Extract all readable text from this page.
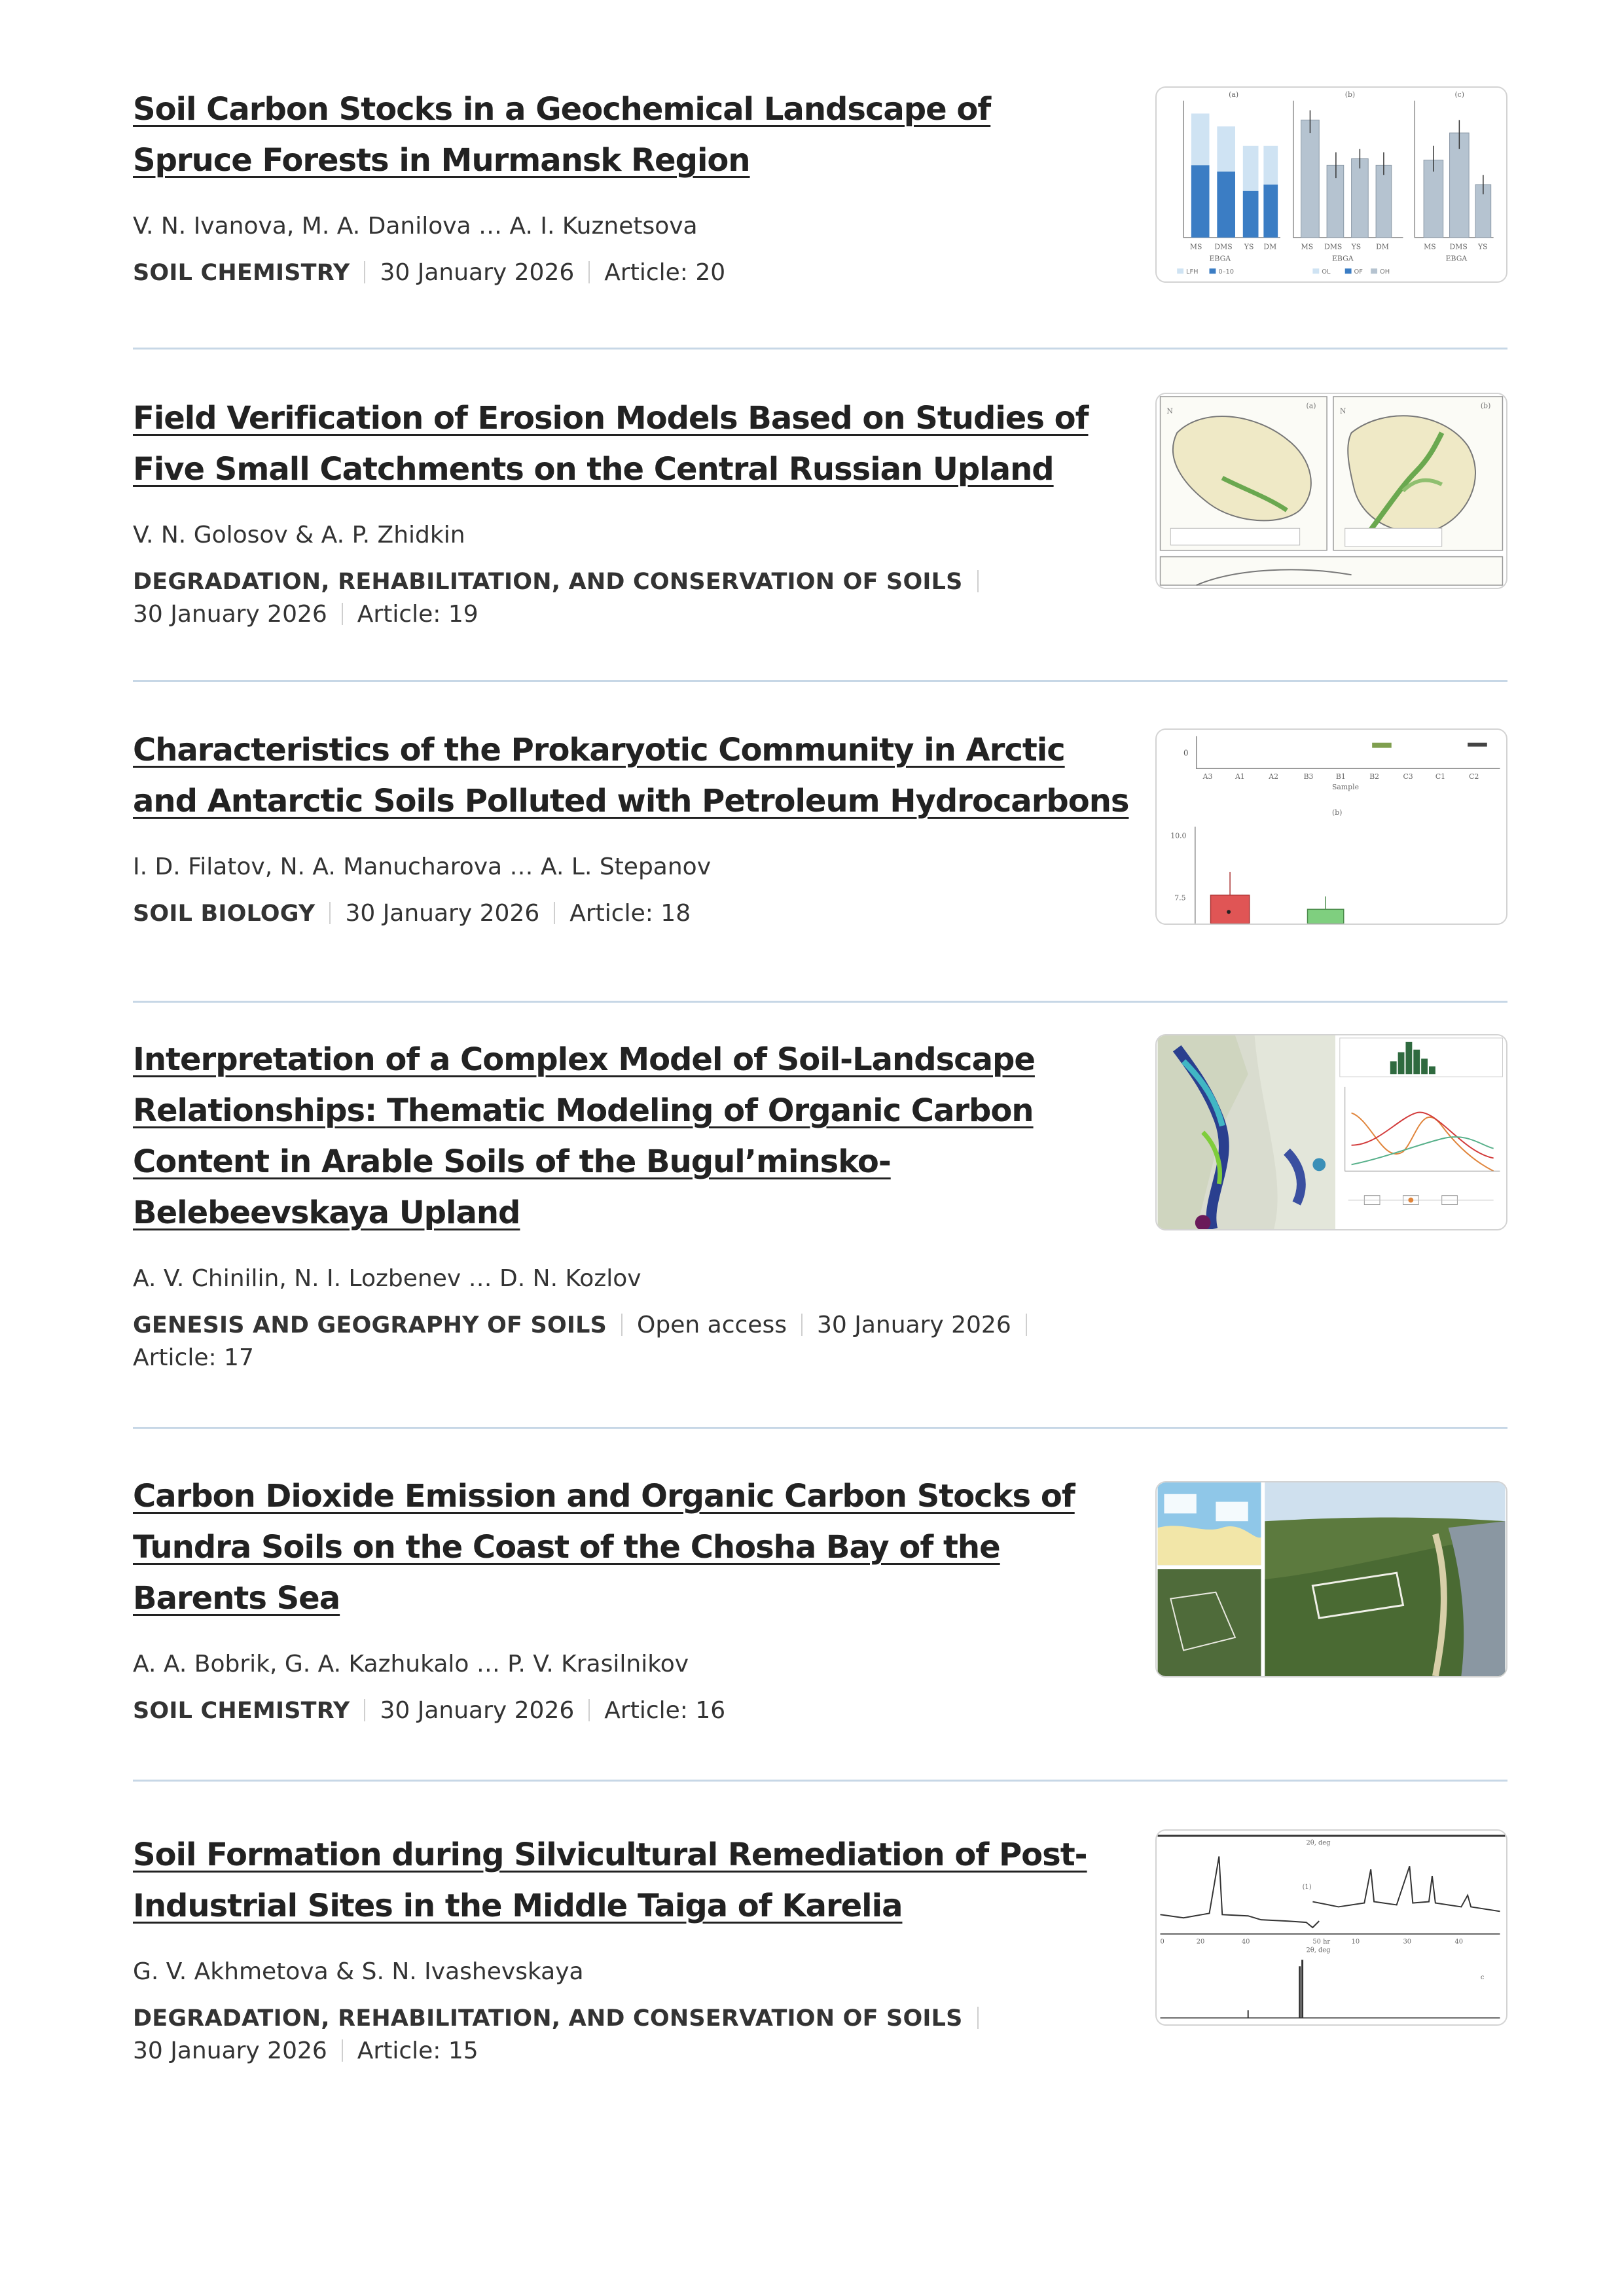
Soil Carbon Stocks in a Geochemical Landscape of Spruce Forests in Murmansk Region
V. N. Ivanova, M. A. Danilova … A. I. Kuznetsova
SOIL CHEMISTRY 30 January 2026 Article: 20
MS DMS YS DM	MS DMS YS DM	MS DMS YS
EBGA	EBGA	EBGA
(a)	(b)	(c)
LFH	0–10	OL	OF	OH
Field Verification of Erosion Models Based on Studies of Five Small Catchments on the Central Russian Upland
V. N. Golosov & A. P. Zhidkin
DEGRADATION, REHABILITATION, AND CONSERVATION OF SOILS
30 January 2026 Article: 19
N	N
(a)	(b)
Characteristics of the Prokaryotic Community in Arctic and Antarctic Soils Polluted with Petroleum Hydrocarbons
I. D. Filatov, N. A. Manucharova … A. L. Stepanov
SOIL BIOLOGY 30 January 2026 Article: 18
0
A3	A1	A2	B3	B1	B2	C3	C1	C2
Sample
(b)
10.0
7.5
Interpretation of a Complex Model of Soil-Landscape Relationships: Thematic Modeling of Organic Carbon Content in Arable Soils of the Bugul’minsko-Belebeevskaya Upland
A. V. Chinilin, N. I. Lozbenev … D. N. Kozlov
GENESIS AND GEOGRAPHY OF SOILS Open access 30 January 2026
Article: 17
Carbon Dioxide Emission and Organic Carbon Stocks of Tundra Soils on the Coast of the Chosha Bay of the Barents Sea
A. A. Bobrik, G. A. Kazhukalo … P. V. Krasilnikov
SOIL CHEMISTRY 30 January 2026 Article: 16
Soil Formation during Silvicultural Remediation of Post-Industrial Sites in the Middle Taiga of Karelia
G. V. Akhmetova & S. N. Ivashevskaya
DEGRADATION, REHABILITATION, AND CONSERVATION OF SOILS
30 January 2026 Article: 15
0	20	40	50 hr	10	30	40
2θ, deg
2θ, deg
(1)
c
